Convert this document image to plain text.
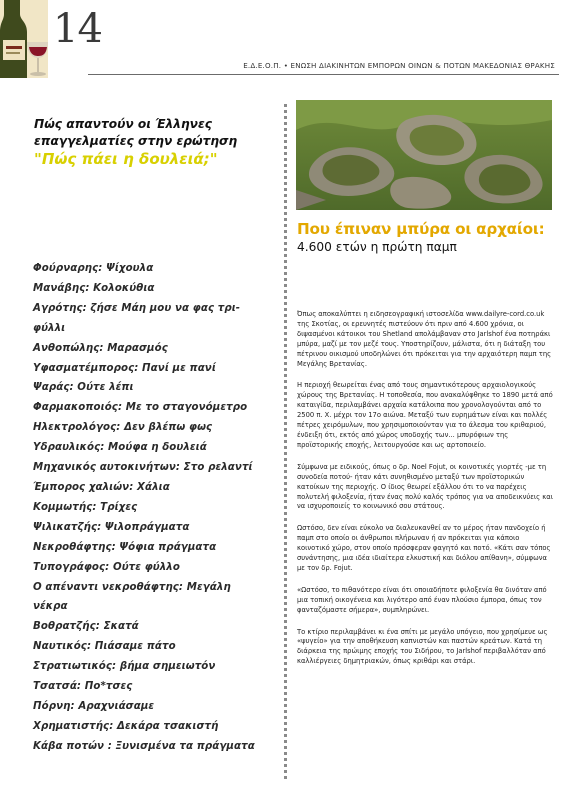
14
Ε.Δ.Ε.Ο.Π. • ΕΝΩΣΗ ΔΙΑΚΙΝΗΤΩΝ ΕΜΠΟΡΩΝ ΟΙΝΩΝ & ΠΟΤΩΝ ΜΑΚΕΔΟΝΙΑΣ ΘΡΑΚΗΣ
Πώς απαντούν οι Έλληνες
επαγγελματίες στην ερώτηση
"Πώς πάει η δουλειά;"
Φούρναρης: Ψίχουλα
Μανάβης: Κολοκύθια
Αγρότης: ζήσε Μάη μου να φας τρι-
φύλλι
Ανθοπώλης: Μαρασμός
Υφασματέμπορος: Πανί με πανί
Ψαράς: Ούτε λέπι
Φαρμακοποιός: Με το σταγονόμετρο
Ηλεκτρολόγος: Δεν βλέπω φως
Υδραυλικός: Μούφα η δουλειά
Μηχανικός αυτοκινήτων: Στο ρελαντί
Έμπορος χαλιών: Χάλια
Κομμωτής: Τρίχες
Ψιλικατζής: Ψιλοπράγματα
Νεκροθάφτης: Ψόφια πράγματα
Τυπογράφος: Ούτε φύλλο
Ο απέναντι νεκροθάφτης: Μεγάλη
νέκρα
Βοθρατζής: Σκατά
Ναυτικός: Πιάσαμε πάτο
Στρατιωτικός: βήμα σημειωτόν
Τσατσά: Πο*τσες
Πόρνη: Αραχνιάσαμε
Χρηματιστής: Δεκάρα τσακιστή
Κάβα ποτών : Ξυνισμένα τα πράγματα
Που έπιναν μπύρα οι αρχαίοι:
4.600 ετών η πρώτη παμπ

Όπως αποκαλύπτει η ειδησεογραφική ιστοσελίδα www.dailyre-cord.co.uk της Σκοτίας, οι ερευνητές πιστεύουν ότι πριν από 4.600 χρόνια, οι διψασμένοι κάτοικοι του Shetland απολάμβαναν στο Jarlshof ένα ποτηράκι μπύρα, μαζί με τον μεζέ τους. Υποστηρίζουν, μάλιστα, ότι η διάταξη του πέτρινου οικισμού υποδηλώνει ότι πρόκειται για την αρχαιότερη παμπ της Μεγάλης Βρετανίας.

Η περιοχή θεωρείται ένας από τους σημαντικότερους αρχαιολογικούς χώρους της Βρετανίας. Η τοποθεσία, που ανακαλύφθηκε το 1890 μετά από καταιγίδα, περιλαμβάνει αρχαία κατάλοιπα που χρονολογούνται από το 2500 π. Χ. μέχρι τον 17ο αιώνα. Μεταξύ των ευρημάτων είναι και πολλές πέτρες χειρόμυλων, που χρησιμοποιούνταν για το άλεσμα του κριθαριού, ένδειξη ότι, εκτός από χώρος υποδοχής των... μπυρόφιων της προϊστορικής εποχής, λειτουργούσε και ως αρτοποιείο.

Σύμφωνα με ειδικούς, όπως ο δρ. Noel Fojut, οι κοινοτικές γιορτές -με τη συνοδεία ποτού- ήταν κάτι συνηθισμένο μεταξύ των προϊστορικών κατοίκων της περιοχής. Ο ίδιος θεωρεί εξάλλου ότι το να παρέχεις πολυτελή φιλοξενία, ήταν ένας πολύ καλός τρόπος για να αποδεικνύεις και να ισχυροποιείς το κοινωνικό σου στάτους.

Ωστόσο, δεν είναι εύκολο να διαλευκανθεί αν το μέρος ήταν πανδοχείο ή παμπ στο οποίο οι άνθρωποι πλήρωναν ή αν πρόκειται για κάποιο κοινοτικό χώρο, στον οποίο πρόσφεραν φαγητό και ποτό. «Κάτι σαν τόπος συνάντησης, μια ιδέα ιδιαίτερα ελκυστική και διόλου απίθανη», σύμφωνα με τον δρ. Fojut.

«Ωστόσο, το πιθανότερο είναι ότι οποιαδήποτε φιλοξενία θα δινόταν από μια τοπική οικογένεια και λιγότερο από έναν πλούσιο έμπορα, όπως τον φανταζόμαστε σήμερα», συμπληρώνει.

Το κτίριο περιλαμβάνει κι ένα σπίτι με μεγάλο υπόγειο, που χρησίμευε ως «ψυγείο» για την αποθήκευση καπνιστών και παστών κρεάτων. Κατά τη διάρκεια της πρώιμης εποχής του Σιδήρου, το Jarlshof περιβαλλόταν από καλλιέργειες δημητριακών, όπως κριθάρι και στάρι.
